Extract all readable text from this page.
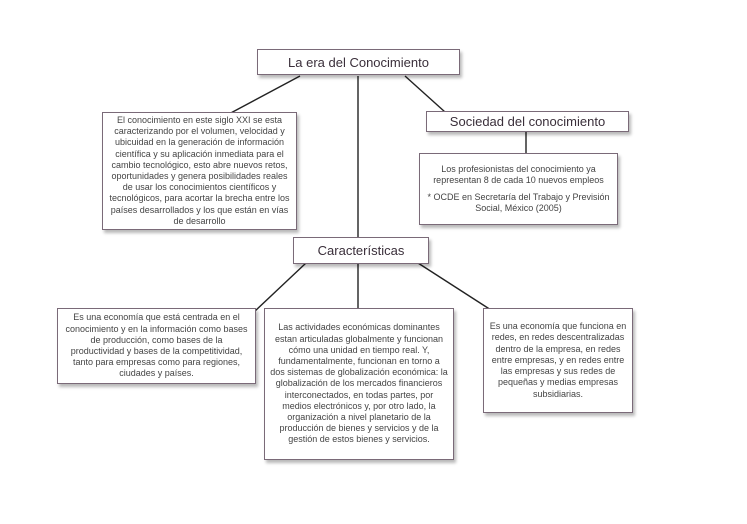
La era del Conocimiento

El conocimiento en este siglo XXI se esta caracterizando por el volumen, velocidad y ubicuidad en la generación de información científica y su aplicación inmediata para el cambio tecnológico, esto abre nuevos retos, oportunidades y genera posibilidades reales de usar los conocimientos científicos y tecnológicos, para acortar la brecha entre los países desarrollados y los que están en vías de desarrollo

Sociedad del conocimiento

Los profesionistas del conocimiento ya representan 8 de cada 10 nuevos empleos

* OCDE en Secretaría del Trabajo y Previsión Social, México (2005)

Características

Es una economía que está centrada en el conocimiento y en la información como bases de producción, como bases de la productividad y bases de la competitividad, tanto para empresas como para regiones, ciudades y países.

Las actividades económicas dominantes estan articuladas globalmente y funcionan cómo una unidad en tiempo real. Y, fundamentalmente, funcionan en torno a dos sistemas de globalización económica: la globalización de los mercados financieros interconectados, en todas partes, por medios electrónicos y, por otro lado, la organización a nivel planetario de la producción de bienes y servicios y de la gestión de estos bienes y servicios.

Es una economía que funciona en redes, en redes descentralizadas dentro de la empresa, en redes entre empresas, y en redes entre las empresas y sus redes de pequeñas y medias empresas subsidiarias.
